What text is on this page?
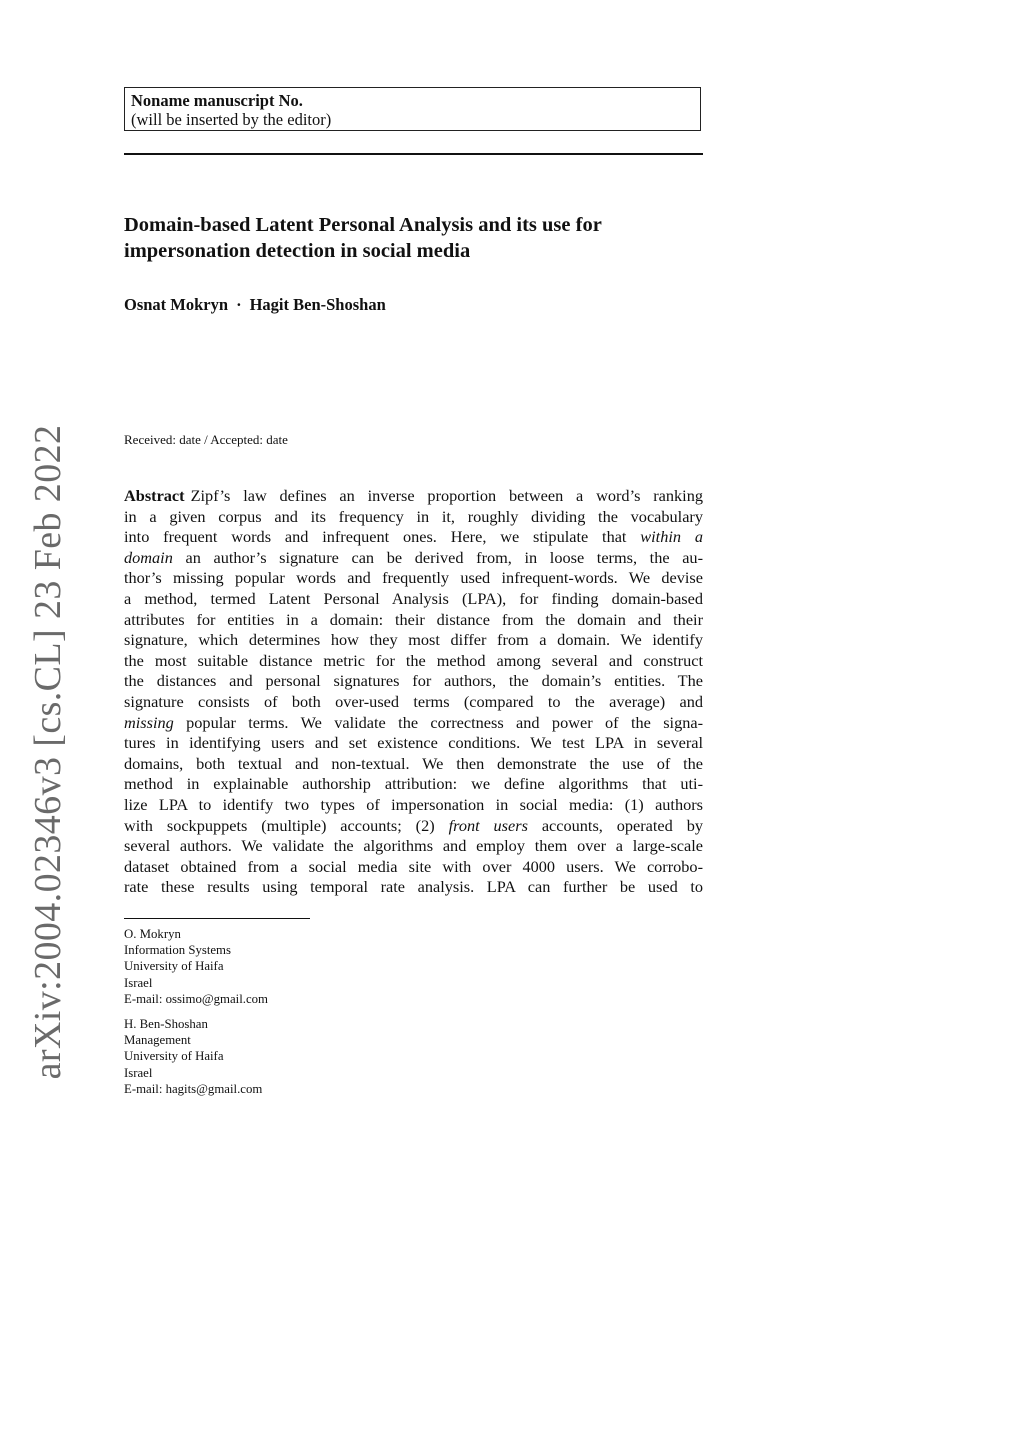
arXiv:2004.02346v3 [cs.CL] 23 Feb 2022
Noname manuscript No.
(will be inserted by the editor)
Domain-based Latent Personal Analysis and its use for
impersonation detection in social media
Osnat Mokryn · Hagit Ben-Shoshan
Received: date / Accepted: date
Abstract Zipf’s law defines an inverse proportion between a word’s ranking
in a given corpus and its frequency in it, roughly dividing the vocabulary
into frequent words and infrequent ones. Here, we stipulate that within a
domain an author’s signature can be derived from, in loose terms, the au-
thor’s missing popular words and frequently used infrequent-words. We devise
a method, termed Latent Personal Analysis (LPA), for finding domain-based
attributes for entities in a domain: their distance from the domain and their
signature, which determines how they most differ from a domain. We identify
the most suitable distance metric for the method among several and construct
the distances and personal signatures for authors, the domain’s entities. The
signature consists of both over-used terms (compared to the average) and
missing popular terms. We validate the correctness and power of the signa-
tures in identifying users and set existence conditions. We test LPA in several
domains, both textual and non-textual. We then demonstrate the use of the
method in explainable authorship attribution: we define algorithms that uti-
lize LPA to identify two types of impersonation in social media: (1) authors
with sockpuppets (multiple) accounts; (2) front users accounts, operated by
several authors. We validate the algorithms and employ them over a large-scale
dataset obtained from a social media site with over 4000 users. We corrobo-
rate these results using temporal rate analysis. LPA can further be used to
O. Mokryn
Information Systems
University of Haifa
Israel
E-mail: ossimo@gmail.com
H. Ben-Shoshan
Management
University of Haifa
Israel
E-mail: hagits@gmail.com
